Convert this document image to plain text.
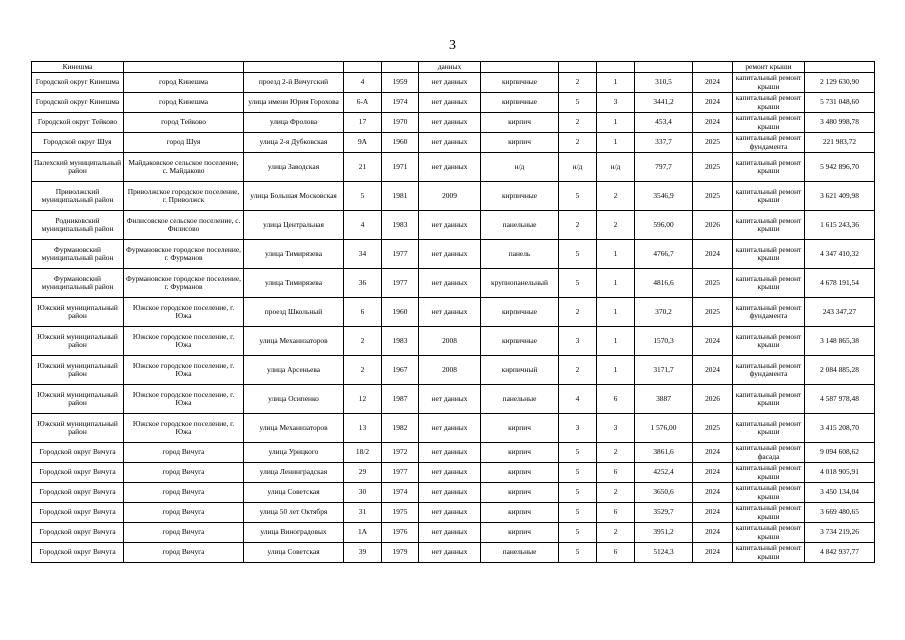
3
Кинешма					данных						ремонт крыши	
Городской округ Кинешма	город Кинешма	проезд 2-й Вичугский	4	1959	нет данных	кирпичные	2	1	310,5	2024	капитальный ремонт крыши	2 129 630,90
Городской округ Кинешма	город Кинешма	улица имени Юрия Горохова	6-А	1974	нет данных	кирпичные	5	3	3441,2	2024	капитальный ремонт крыши	5 731 048,60
Городской округ Тейково	город Тейково	улица Фролова	17	1970	нет данных	кирпич	2	1	453,4	2024	капитальный ремонт крыши	3 480 998,78
Городской округ Шуя	город Шуя	улица 2-я Дубковская	9А	1960	нет данных	кирпич	2	1	337,7	2025	капитальный ремонт фундамента	221 983,72
Палехский муниципальный район	Майдаковское сельское поселение, с. Майдаково	улица Заводская	21	1971	нет данных	н/д	н/д	н/д	797,7	2025	капитальный ремонт крыши	5 942 896,70
Приволжский муниципальный район	Приволжское городское поселение, г. Приволжск	улица Большая Московская	5	1981	2009	кирпичные	5	2	3546,9	2025	капитальный ремонт крыши	3 621 409,98
Родниковский муниципальный район	Филисовское сельское поселение, с. Филисово	улица Центральная	4	1983	нет данных	панельные	2	2	596,00	2026	капитальный ремонт крыши	1 615 243,36
Фурмановский муниципальный район	Фурмановское городское поселение, г. Фурманов	улица Тимирязева	34	1977	нет данных	панель	5	1	4766,7	2024	капитальный ремонт крыши	4 347 410,32
Фурмановский муниципальный район	Фурмановское городское поселение, г. Фурманов	улица Тимирязева	36	1977	нет данных	крупнопанельный	5	1	4816,6	2025	капитальный ремонт крыши	4 678 191,54
Южский муниципальный район	Южское городское поселение, г. Южа	проезд Школьный	6	1960	нет данных	кирпичные	2	1	370,2	2025	капитальный ремонт фундамента	243 347,27
Южский муниципальный район	Южское городское поселение, г. Южа	улица Механизаторов	2	1983	2008	кирпичные	3	1	1570,3	2024	капитальный ремонт крыши	3 148 865,38
Южский муниципальный район	Южское городское поселение, г. Южа	улица Арсеньева	2	1967	2008	кирпичный	2	1	3171,7	2024	капитальный ремонт фундамента	2 084 885,28
Южский муниципальный район	Южское городское поселение, г. Южа	улица Осипенко	12	1987	нет данных	панельные	4	6	3887	2026	капитальный ремонт крыши	4 587 978,48
Южский муниципальный район	Южское городское поселение, г. Южа	улица Механизаторов	13	1982	нет данных	кирпич	3	3	1 576,00	2025	капитальный ремонт крыши	3 415 208,70
Городской округ Вичуга	город Вичуга	улица Урицкого	18/2	1972	нет данных	кирпич	5	2	3861,6	2024	капитальный ремонт фасада	9 094 608,62
Городской округ Вичуга	город Вичуга	улица Ленинградская	29	1977	нет данных	кирпич	5	6	4252,4	2024	капитальный ремонт крыши	4 018 905,91
Городской округ Вичуга	город Вичуга	улица Советская	30	1974	нет данных	кирпич	5	2	3650,6	2024	капитальный ремонт крыши	3 450 134,04
Городской округ Вичуга	город Вичуга	улица 50 лет Октября	31	1975	нет данных	кирпич	5	6	3529,7	2024	капитальный ремонт крыши	3 669 480,65
Городской округ Вичуга	город Вичуга	улица Виноградовых	1А	1976	нет данных	кирпич	5	2	3951,2	2024	капитальный ремонт крыши	3 734 219,26
Городской округ Вичуга	город Вичуга	улица Советская	39	1979	нет данных	панельные	5	6	5124,3	2024	капитальный ремонт крыши	4 842 937,77
